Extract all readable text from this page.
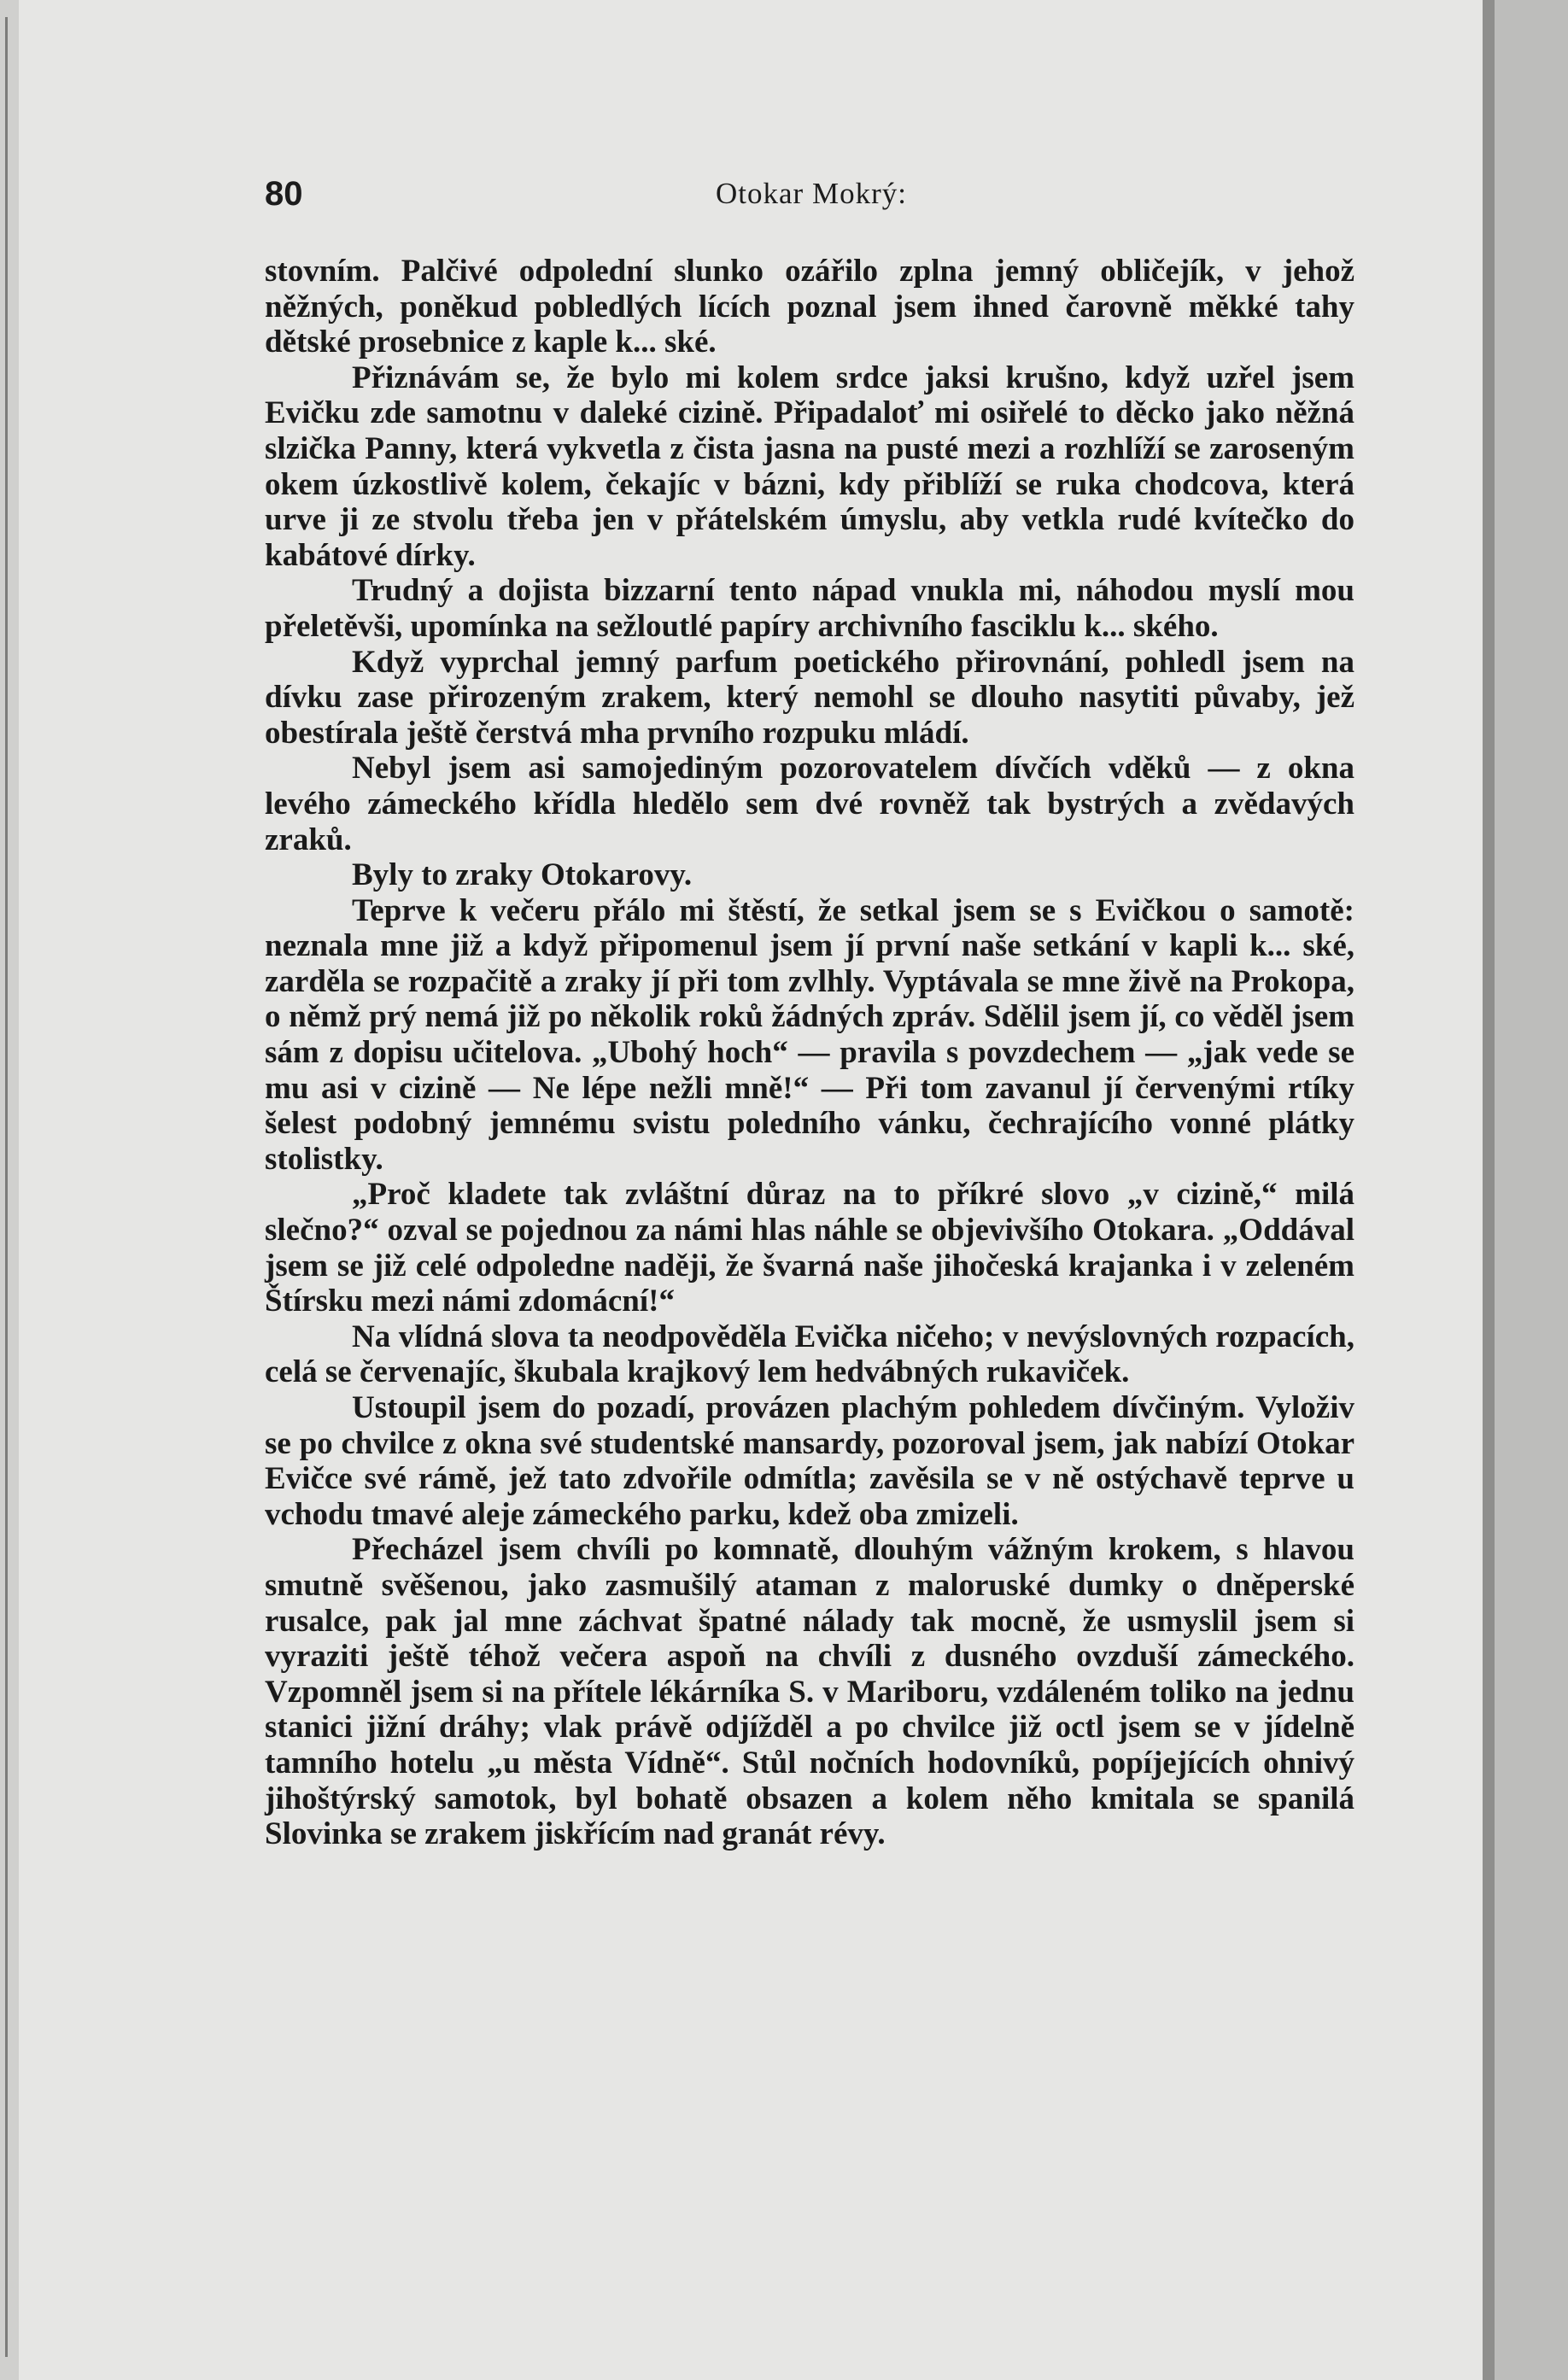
80	Otokar Mokrý:

stovním. Palčivé odpolední slunko ozářilo zplna jemný obličejík, v jehož něžných, poněkud pobledlých lících poznal jsem ihned čarovně měkké tahy dětské prosebnice z kaple k... ské.

Přiznávám se, že bylo mi kolem srdce jaksi krušno, když uzřel jsem Evičku zde samotnu v daleké cizině. Připadaloť mi osiřelé to děcko jako něžná slzička Panny, která vykvetla z čista jasna na pusté mezi a rozhlíží se zaroseným okem úzkostlivě kolem, čekajíc v bázni, kdy přiblíží se ruka chodcova, která urve ji ze stvolu třeba jen v přátelském úmyslu, aby vetkla rudé kvítečko do kabátové dírky.

Trudný a dojista bizzarní tento nápad vnukla mi, náhodou myslí mou přeletěvši, upomínka na sežloutlé papíry archivního fasciklu k... ského.

Když vyprchal jemný parfum poetického přirovnání, pohledl jsem na dívku zase přirozeným zrakem, který nemohl se dlouho nasytiti půvaby, jež obestírala ještě čerstvá mha prvního rozpuku mládí.

Nebyl jsem asi samojediným pozorovatelem dívčích vděků — z okna levého zámeckého křídla hledělo sem dvé rovněž tak bystrých a zvědavých zraků.

Byly to zraky Otokarovy.

Teprve k večeru přálo mi štěstí, že setkal jsem se s Evičkou o samotě: neznala mne již a když připomenul jsem jí první naše setkání v kapli k... ské, zarděla se rozpačitě a zraky jí při tom zvlhly. Vyptávala se mne živě na Prokopa, o němž prý nemá již po několik roků žádných zpráv. Sdělil jsem jí, co věděl jsem sám z dopisu učitelova. „Ubohý hoch“ — pravila s povzdechem — „jak vede se mu asi v cizině — Ne lépe nežli mně!“ — Při tom zavanul jí červenými rtíky šelest podobný jemnému svistu poledního vánku, čechrajícího vonné plátky stolistky.

„Proč kladete tak zvláštní důraz na to příkré slovo „v cizině,“ milá slečno?“ ozval se pojednou za námi hlas náhle se objevivšího Otokara. „Oddával jsem se již celé odpoledne naději, že švarná naše jihočeská krajanka i v zeleném Štírsku mezi námi zdomácní!“

Na vlídná slova ta neodpověděla Evička ničeho; v nevýslovných rozpacích, celá se červenajíc, škubala krajkový lem hedvábných rukaviček.

Ustoupil jsem do pozadí, provázen plachým pohledem dívčiným. Vyloživ se po chvilce z okna své studentské mansardy, pozoroval jsem, jak nabízí Otokar Evičce své rámě, jež tato zdvořile odmítla; zavěsila se v ně ostýchavě teprve u vchodu tmavé aleje zámeckého parku, kdež oba zmizeli.

Přecházel jsem chvíli po komnatě, dlouhým vážným krokem, s hlavou smutně svěšenou, jako zasmušilý ataman z maloruské dumky o dněperské rusalce, pak jal mne záchvat špatné nálady tak mocně, že usmyslil jsem si vyraziti ještě téhož večera aspoň na chvíli z dusného ovzduší zámeckého. Vzpomněl jsem si na přítele lékárníka S. v Mariboru, vzdáleném toliko na jednu stanici jižní dráhy; vlak právě odjížděl a po chvilce již octl jsem se v jídelně tamního hotelu „u města Vídně“. Stůl nočních hodovníků, popíjejících ohnivý jihoštýrský samotok, byl bohatě obsazen a kolem něho kmitala se spanilá Slovinka se zrakem jiskřícím nad granát révy.
